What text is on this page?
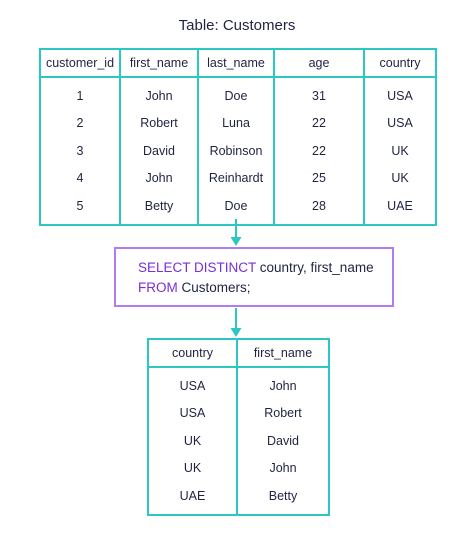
Table: Customers
customer_id	first_name	last_name	age	country
1	John	Doe	31	USA
2	Robert	Luna	22	USA
3	David	Robinson	22	UK
4	John	Reinhardt	25	UK
5	Betty	Doe	28	UAE
SELECT DISTINCT country, first_name
FROM Customers;
country	first_name
USA	John
USA	Robert
UK	David
UK	John
UAE	Betty
